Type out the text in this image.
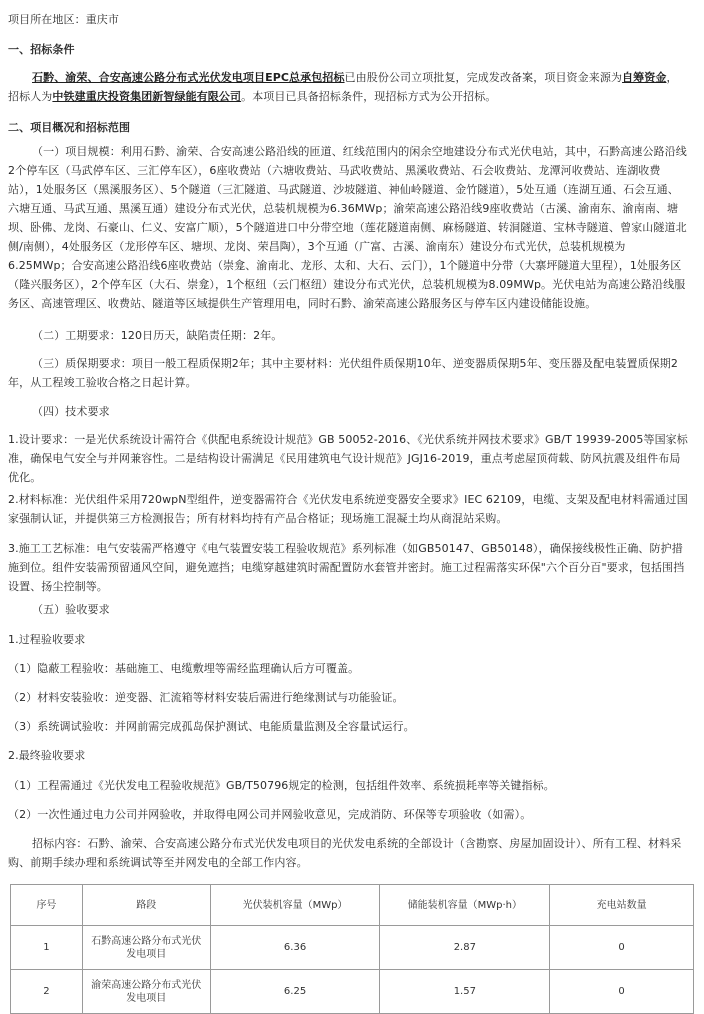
项目所在地区：重庆市

一、招标条件

石黔、渝荣、合安高速公路分布式光伏发电项目EPC总承包招标已由股份公司立项批复，完成发改备案，项目资金来源为自筹资金，招标人为中铁建重庆投资集团新智绿能有限公司。本项目已具备招标条件，现招标方式为公开招标。

二、项目概况和招标范围

（一）项目规模：利用石黔、渝荣、合安高速公路沿线的匝道、红线范围内的闲余空地建设分布式光伏电站，其中，石黔高速公路沿线2个停车区（马武停车区、三汇停车区），6座收费站（六塘收费站、马武收费站、黑溪收费站、石会收费站、龙潭河收费站、连湖收费站），1处服务区（黑溪服务区）、5个隧道（三汇隧道、马武隧道、沙坡隧道、神仙岭隧道、金竹隧道），5处互通（连湖互通、石会互通、六塘互通、马武互通、黑溪互通）建设分布式光伏，总装机规模为6.36MWp；渝荣高速公路沿线9座收费站（古溪、渝南东、渝南南、塘坝、卧佛、龙岗、石豪山、仁义、安富广顺），5个隧道进口中分带空地（莲花隧道南侧、麻杨隧道、转洞隧道、宝林寺隧道、曾家山隧道北侧/南侧），4处服务区（龙形停车区、塘坝、龙岗、荣昌陶），3个互通（广富、古溪、渝南东）建设分布式光伏，总装机规模为6.25MWp；合安高速公路沿线6座收费站（崇龛、渝南北、龙形、太和、大石、云门），1个隧道中分带（大寨坪隧道大里程），1处服务区（隆兴服务区），2个停车区（大石、崇龛），1个枢纽（云门枢纽）建设分布式光伏，总装机规模为8.09MWp。光伏电站为高速公路沿线服务区、高速管理区、收费站、隧道等区域提供生产管理用电，同时石黔、渝荣高速公路服务区与停车区内建设储能设施。

（二）工期要求：120日历天，缺陷责任期：2年。

（三）质保期要求：项目一般工程质保期2年；其中主要材料：光伏组件质保期10年、逆变器质保期5年、变压器及配电装置质保期2年，从工程竣工验收合格之日起计算。

（四）技术要求

1.设计要求：一是光伏系统设计需符合《供配电系统设计规范》GB 50052-2016、《光伏系统并网技术要求》GB/T 19939-2005等国家标准，确保电气安全与并网兼容性。二是结构设计需满足《民用建筑电气设计规范》JGJ16-2019，重点考虑屋顶荷载、防风抗震及组件布局优化。

2.材料标准：光伏组件采用720wpN型组件，逆变器需符合《光伏发电系统逆变器安全要求》IEC 62109，电缆、支架及配电材料需通过国家强制认证，并提供第三方检测报告；所有材料均持有产品合格证；现场施工混凝土均从商混站采购。

3.施工工艺标准：电气安装需严格遵守《电气装置安装工程验收规范》系列标准（如GB50147、GB50148），确保接线极性正确、防护措施到位。组件安装需预留通风空间，避免遮挡；电缆穿越建筑时需配置防水套管并密封。施工过程需落实环保"六个百分百"要求，包括围挡设置、扬尘控制等。

（五）验收要求

1.过程验收要求

（1）隐蔽工程验收：基础施工、电缆敷埋等需经监理确认后方可覆盖。

（2）材料安装验收：逆变器、汇流箱等材料安装后需进行绝缘测试与功能验证。

（3）系统调试验收：并网前需完成孤岛保护测试、电能质量监测及全容量试运行。

2.最终验收要求

（1）工程需通过《光伏发电工程验收规范》GB/T50796规定的检测，包括组件效率、系统损耗率等关键指标。

（2）一次性通过电力公司并网验收，并取得电网公司并网验收意见，完成消防、环保等专项验收（如需）。

招标内容：石黔、渝荣、合安高速公路分布式光伏发电项目的光伏发电系统的全部设计（含勘察、房屋加固设计）、所有工程、材料采购、前期手续办理和系统调试等至并网发电的全部工作内容。

序号	路段	光伏装机容量（MWp）	储能装机容量（MWp·h）	充电站数量
1	石黔高速公路分布式光伏发电项目	6.36	2.87	0
2	渝荣高速公路分布式光伏发电项目	6.25	1.57	0
